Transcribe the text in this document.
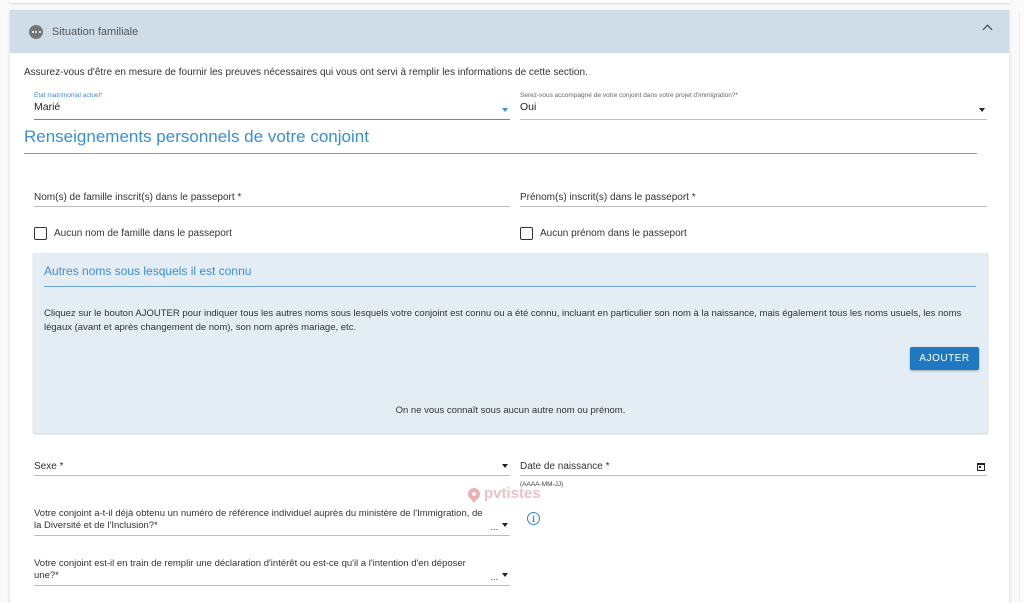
Situation familiale
Assurez-vous d'être en mesure de fournir les preuves nécessaires qui vous ont servi à remplir les informations de cette section.
État matrimonial actuel*
Marié
Serez-vous accompagné de votre conjoint dans votre projet d'immigration?*
Oui
Renseignements personnels de votre conjoint
Nom(s) de famille inscrit(s) dans le passeport *	Prénom(s) inscrit(s) dans le passeport *
Aucun nom de famille dans le passeport	Aucun prénom dans le passeport
Autres noms sous lesquels il est connu
Cliquez sur le bouton AJOUTER pour indiquer tous les autres noms sous lesquels votre conjoint est connu ou a été connu, incluant en particulier son nom à la naissance, mais également tous les noms usuels, les noms légaux (avant et après changement de nom), son nom après mariage, etc.
AJOUTER
On ne vous connaît sous aucun autre nom ou prénom.
Sexe *	Date de naissance *
(AAAA-MM-JJ)
pvtistes
Votre conjoint a-t-il déjà obtenu un numéro de référence individuel auprès du ministère de l'Immigration, de la Diversité et de l'Inclusion?*	...
i
Votre conjoint est-il en train de remplir une déclaration d'intérêt ou est-ce qu'il a l'intention d'en déposer une?*	...
